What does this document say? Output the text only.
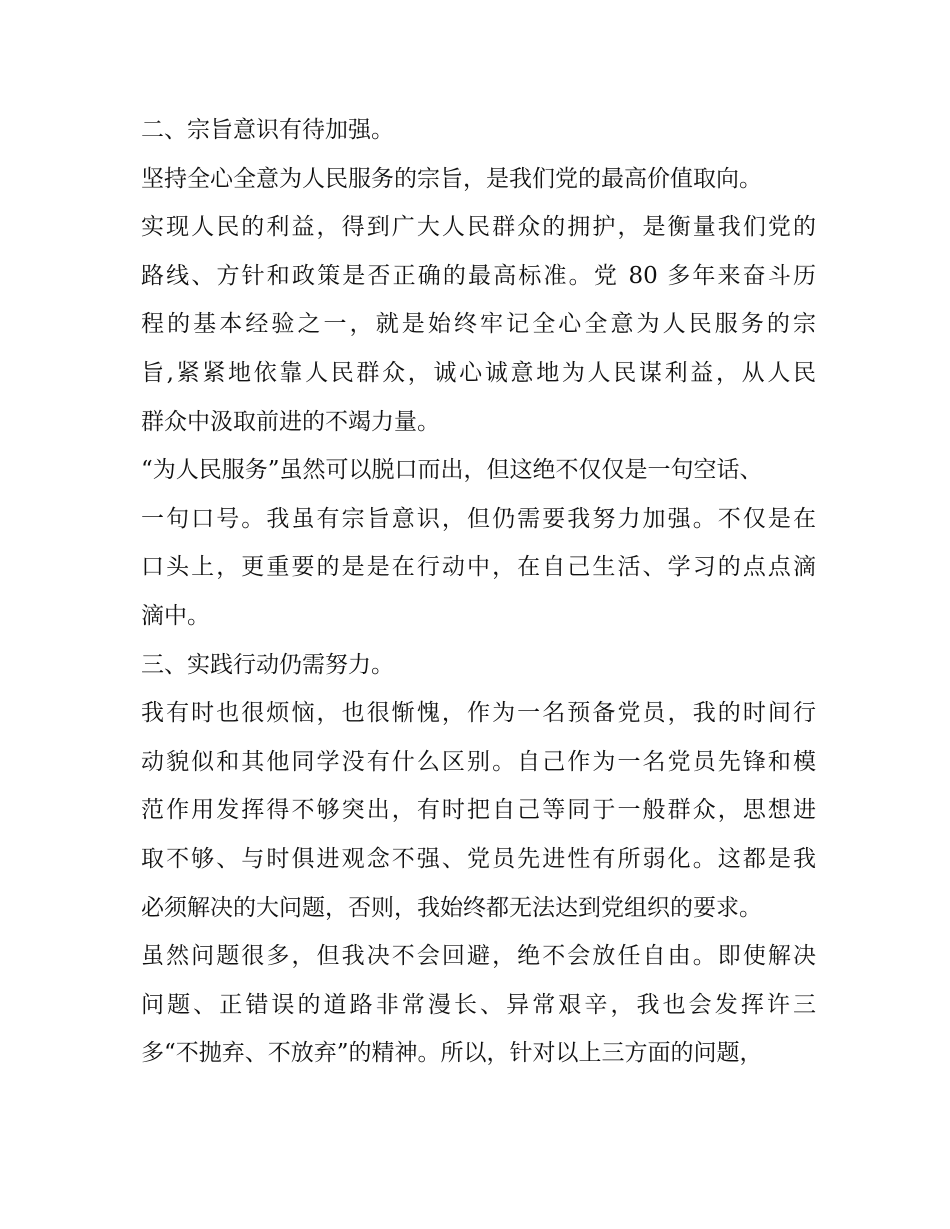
二、宗旨意识有待加强。
坚持全心全意为人民服务的宗旨，是我们党的最高价值取向。
实现人民的利益，得到广大人民群众的拥护，是衡量我们党的
路线、方针和政策是否正确的最高标准。党 80 多年来奋斗历
程的基本经验之一，就是始终牢记全心全意为人民服务的宗
旨,紧紧地依靠人民群众，诚心诚意地为人民谋利益，从人民
群众中汲取前进的不竭力量。
“为人民服务”虽然可以脱口而出，但这绝不仅仅是一句空话、
一句口号。我虽有宗旨意识，但仍需要我努力加强。不仅是在
口头上，更重要的是是在行动中，在自己生活、学习的点点滴
滴中。
三、实践行动仍需努力。
我有时也很烦恼，也很惭愧，作为一名预备党员，我的时间行
动貌似和其他同学没有什么区别。自己作为一名党员先锋和模
范作用发挥得不够突出，有时把自己等同于一般群众，思想进
取不够、与时俱进观念不强、党员先进性有所弱化。这都是我
必须解决的大问题，否则，我始终都无法达到党组织的要求。
虽然问题很多，但我决不会回避，绝不会放任自由。即使解决
问题、正错误的道路非常漫长、异常艰辛，我也会发挥许三
多“不抛弃、不放弃”的精神。所以，针对以上三方面的问题，
